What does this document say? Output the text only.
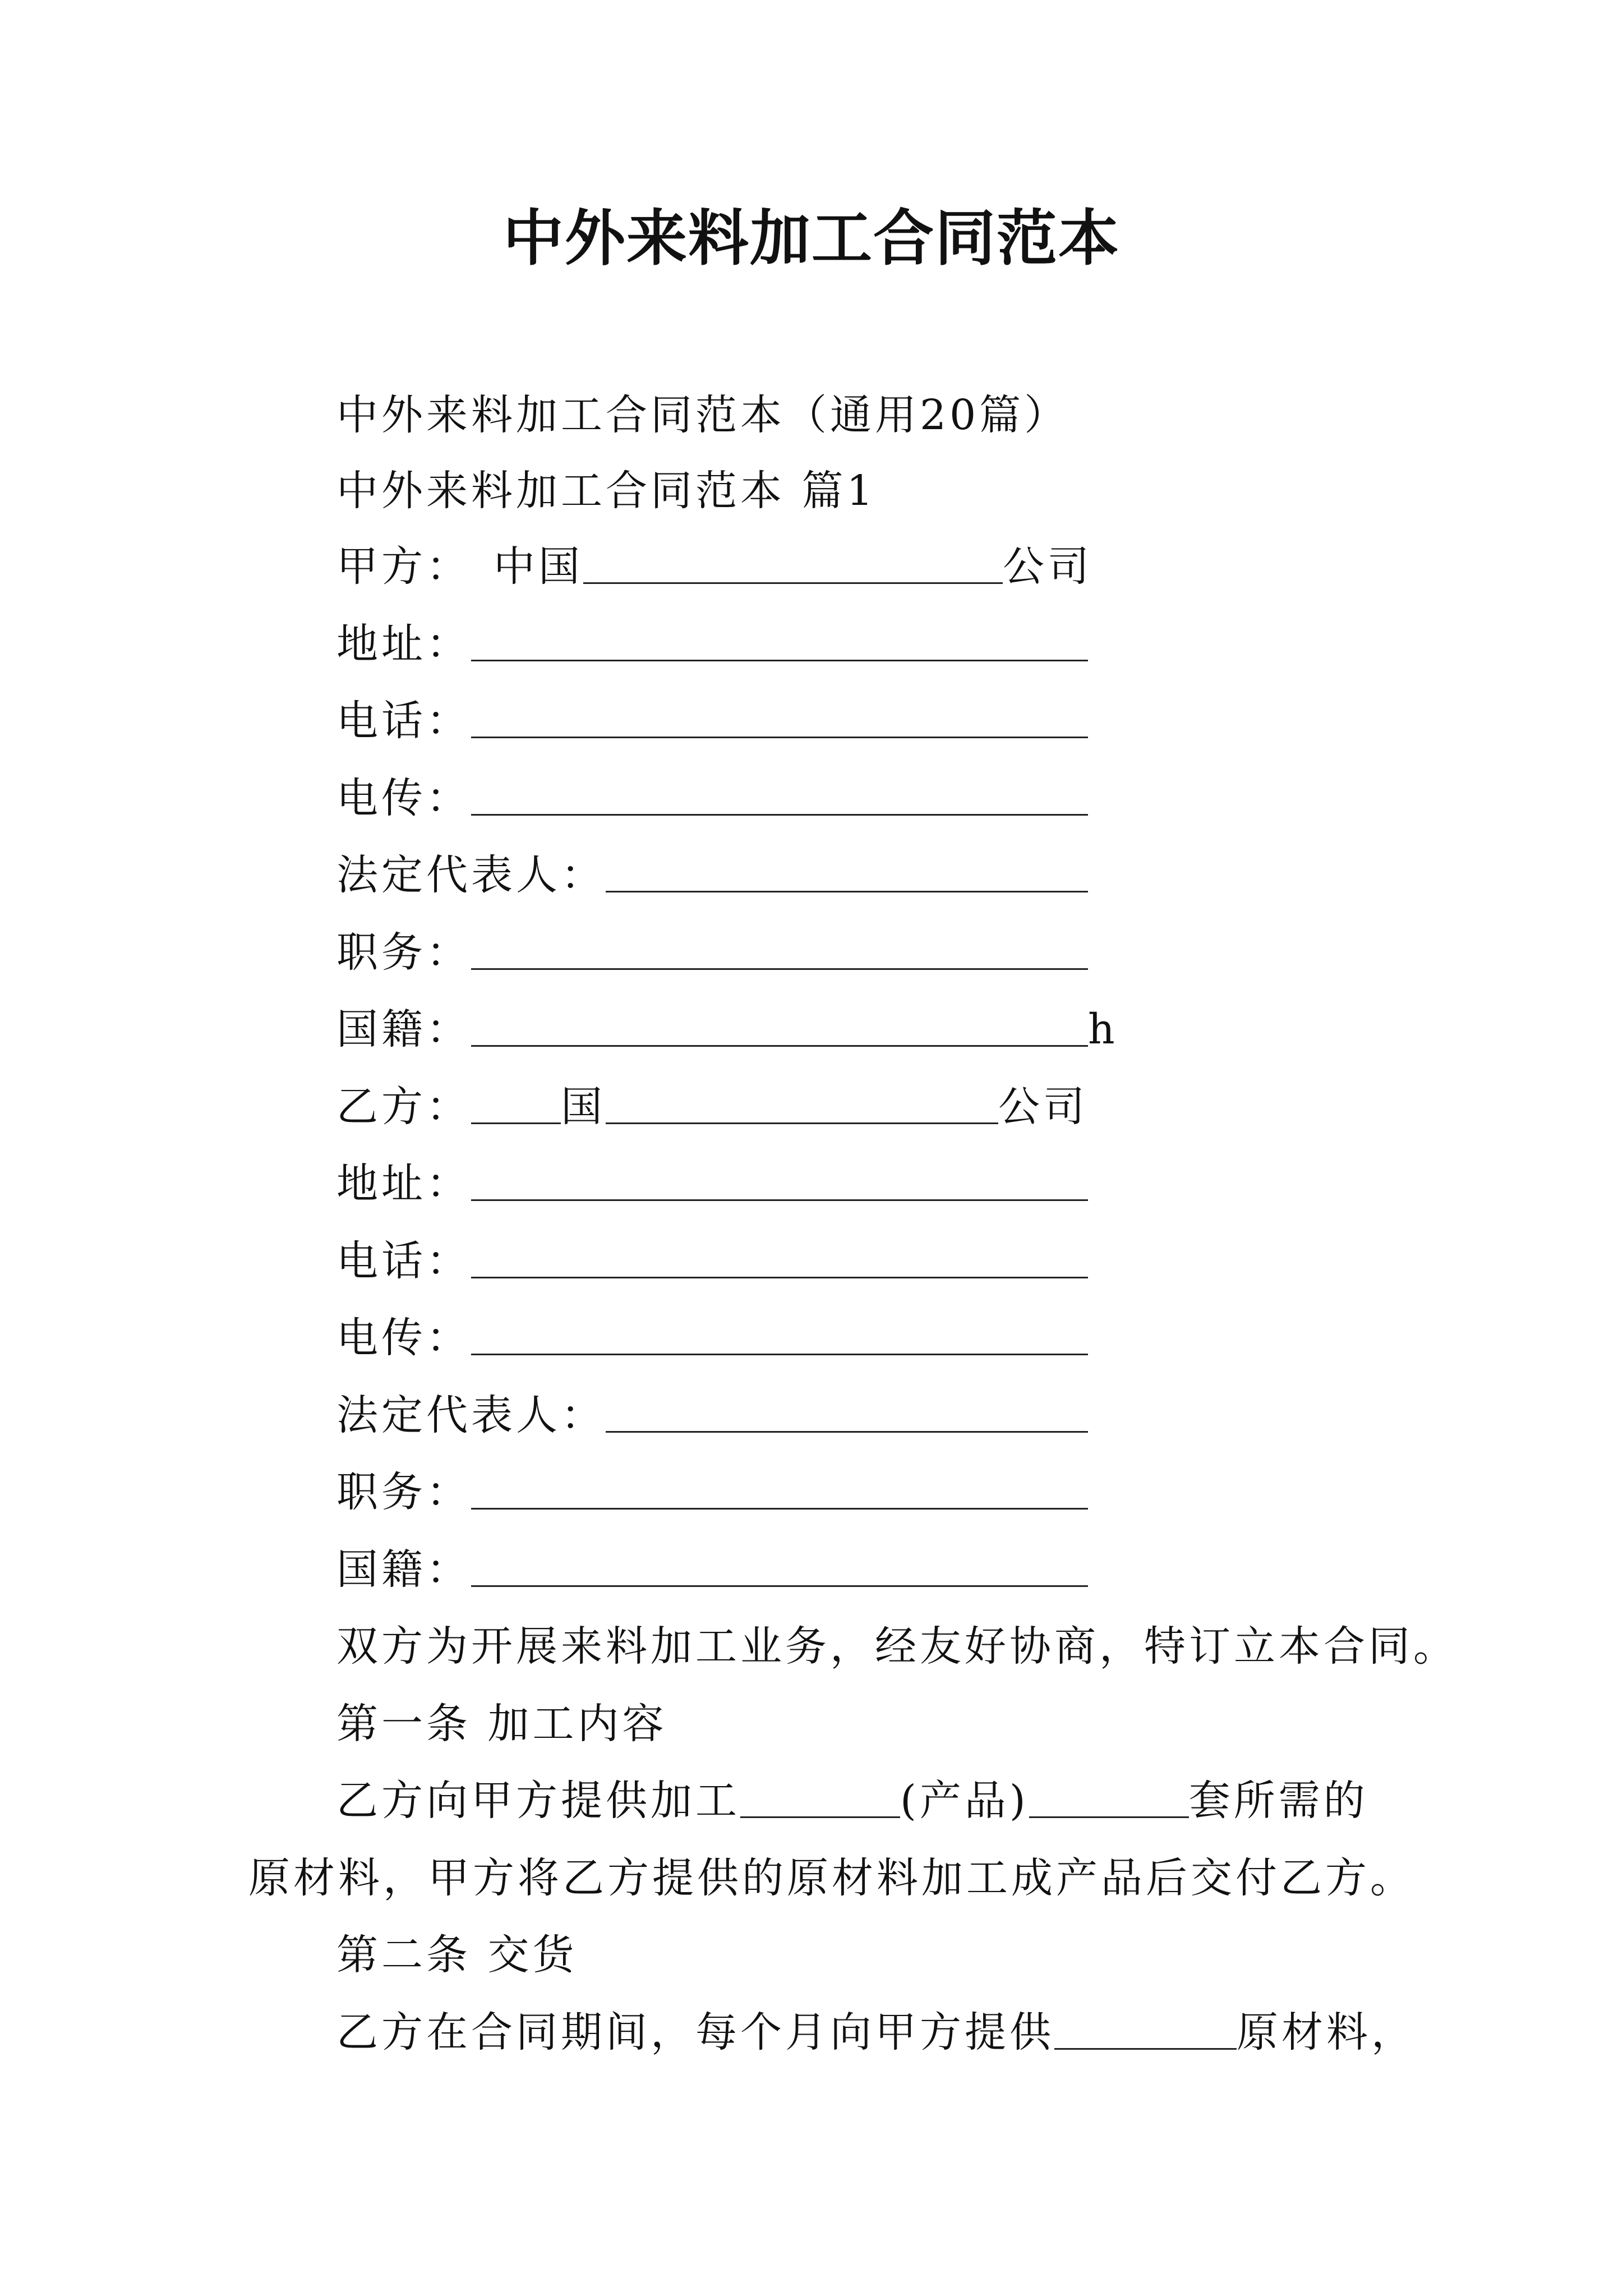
中外来料加工合同范本
中外来料加工合同范本（通用20篇）
中外来料加工合同范本 篇1
甲方： 中国	公司
地址：
电话：
电传：
法定代表人：
职务：
国籍：	h
乙方： 国	公司
地址：
电话：
电传：
法定代表人：
职务：
国籍：
双方为开展来料加工业务，经友好协商，特订立本合同。
第一条 加工内容
乙方向甲方提供加工	(产品)	套所需的
原材料，甲方将乙方提供的原材料加工成产品后交付乙方。
第二条 交货
乙方在合同期间，每个月向甲方提供	原材料，
